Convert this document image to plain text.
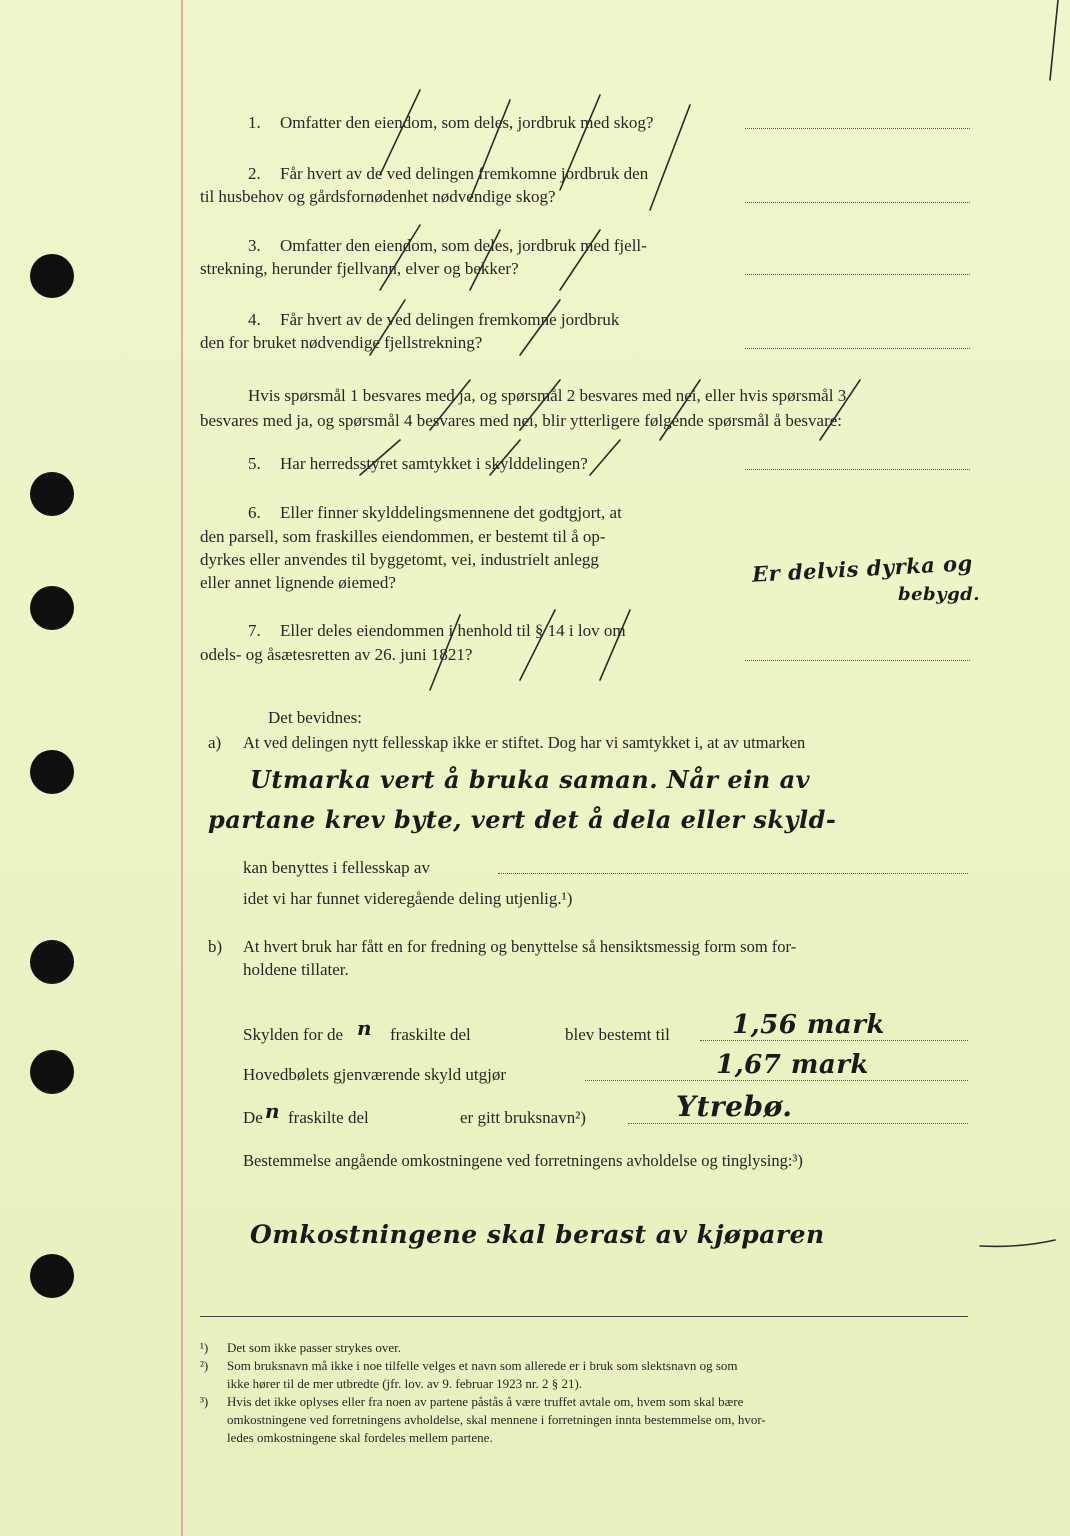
1. Omfatter den eiendom, som deles, jordbruk med skog?
2. Får hvert av de ved delingen fremkomne jordbruk den
til husbehov og gårdsfornødenhet nødvendige skog?
3. Omfatter den eiendom, som deles, jordbruk med fjell-
strekning, herunder fjellvann, elver og bekker?
4. Får hvert av de ved delingen fremkomne jordbruk
den for bruket nødvendige fjellstrekning?
Hvis spørsmål 1 besvares med ja, og spørsmål 2 besvares med nei, eller hvis spørsmål 3
besvares med ja, og spørsmål 4 besvares med nei, blir ytterligere følgende spørsmål å besvare:
5. Har herredsstyret samtykket i skylddelingen?
6. Eller finner skylddelingsmennene det godtgjort, at
den parsell, som fraskilles eiendommen, er bestemt til å op-
dyrkes eller anvendes til byggetomt, vei, industrielt anlegg
eller annet lignende øiemed?	Er delvis dyrka og
bebygd.
7. Eller deles eiendommen i henhold til § 14 i lov om
odels- og åsætesretten av 26. juni 1821?
Det bevidnes:
a) At ved delingen nytt fellesskap ikke er stiftet. Dog har vi samtykket i, at av utmarken
Utmarka vert å bruka saman. Når ein av
partane krev byte, vert det å dela eller skyld-
kan benyttes i fellesskap av
idet vi har funnet videregående deling utjenlig.¹)
b) At hvert bruk har fått en for fredning og benyttelse så hensiktsmessig form som for-
holdene tillater.
Skylden for de n fraskilte del	blev bestemt til 1,56 mark
Hovedbølets gjenværende skyld utgjør	1,67 mark
De n fraskilte del	er gitt bruksnavn²)	Ytrebø.
Bestemmelse angående omkostningene ved forretningens avholdelse og tinglysing:³)
Omkostningene skal berast av kjøparen
¹) Det som ikke passer strykes over.
²) Som bruksnavn må ikke i noe tilfelle velges et navn som allerede er i bruk som slektsnavn og som
ikke hører til de mer utbredte (jfr. lov. av 9. februar 1923 nr. 2 § 21).
³) Hvis det ikke oplyses eller fra noen av partene påstås å være truffet avtale om, hvem som skal bære
omkostningene ved forretningens avholdelse, skal mennene i forretningen innta bestemmelse om, hvor-
ledes omkostningene skal fordeles mellem partene.
